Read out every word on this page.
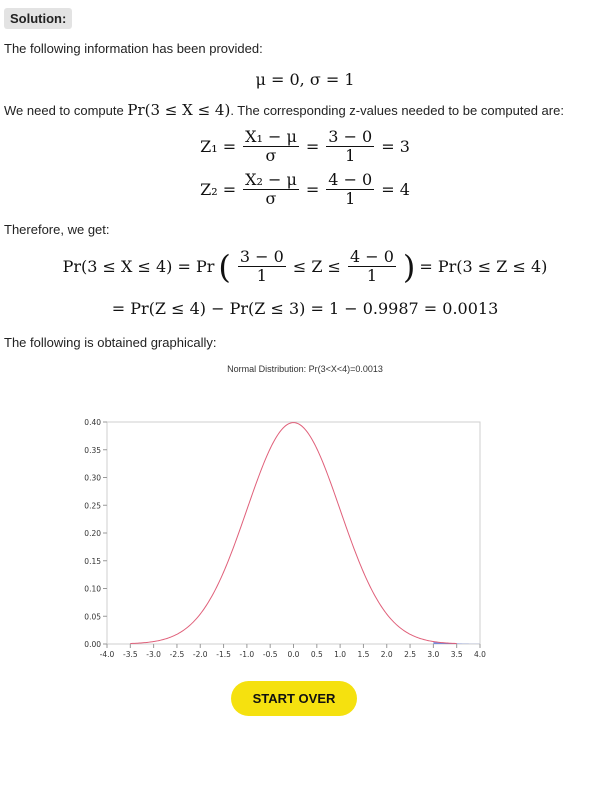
Solution:
The following information has been provided:
μ = 0, σ = 1
We need to compute Pr(3 ≤ X ≤ 4). The corresponding z-values needed to be computed are:
$Z_1 = \frac{\text{X₁ − μ}}{\sigma} = \frac{3 - 0}{1} = 3$
$Z_2 = \frac{\text{X₂ − μ}}{\sigma} = \frac{4 - 0}{1} = 4$
Therefore, we get:
Pr(3 ≤ X ≤ 4) = Pr ( $\frac{3 - 0}{1} \le Z \le \frac{4 - 0}{1}$ ) = Pr(3 ≤ Z ≤ 4)
= Pr(Z ≤ 4) − Pr(Z ≤ 3) = 1 − 0.9987 = 0.0013
The following is obtained graphically:
Normal Distribution: Pr(3<X<4)=0.0013
0.00
0.05
0.10
0.15
0.20
0.25
0.30
0.35
0.40
-4.0 -3.5 -3.0 -2.5 -2.0 -1.5 -1.0 -0.5 0.0 0.5 1.0 1.5 2.0 2.5 3.0 3.5 4.0
START OVER
